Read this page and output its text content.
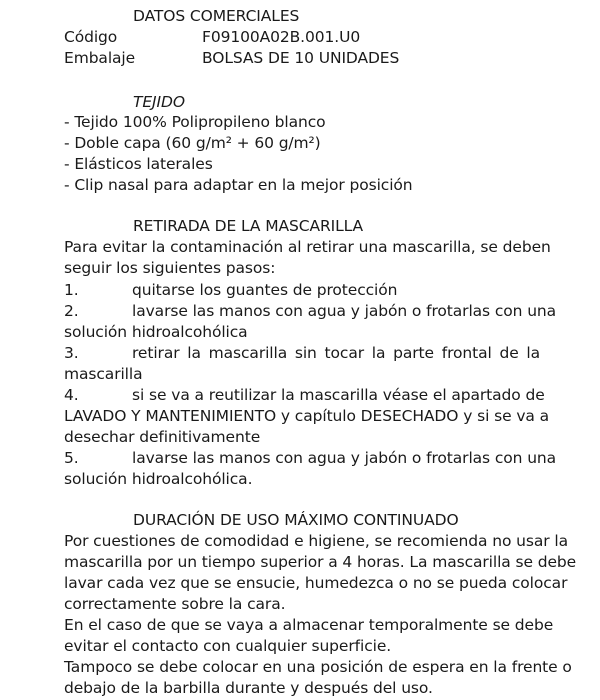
DATOS COMERCIALES
Código	F09100A02B.001.U0
Embalaje	BOLSAS DE 10 UNIDADES
TEJIDO
- Tejido 100% Polipropileno blanco
- Doble capa (60 g/m² + 60 g/m²)
- Elásticos laterales
- Clip nasal para adaptar en la mejor posición
RETIRADA DE LA MASCARILLA
Para evitar la contaminación al retirar una mascarilla, se deben
seguir los siguientes pasos:
1.	quitarse los guantes de protección
2.	lavarse las manos con agua y jabón o frotarlas con una
solución hidroalcohólica
3.	retirar la mascarilla sin tocar la parte frontal de la
mascarilla
4.	si se va a reutilizar la mascarilla véase el apartado de
LAVADO Y MANTENIMIENTO y capítulo DESECHADO y si se va a
desechar definitivamente
5.	lavarse las manos con agua y jabón o frotarlas con una
solución hidroalcohólica.
DURACIÓN DE USO MÁXIMO CONTINUADO
Por cuestiones de comodidad e higiene, se recomienda no usar la
mascarilla por un tiempo superior a 4 horas. La mascarilla se debe
lavar cada vez que se ensucie, humedezca o no se pueda colocar
correctamente sobre la cara.
En el caso de que se vaya a almacenar temporalmente se debe
evitar el contacto con cualquier superficie.
Tampoco se debe colocar en una posición de espera en la frente o
debajo de la barbilla durante y después del uso.
